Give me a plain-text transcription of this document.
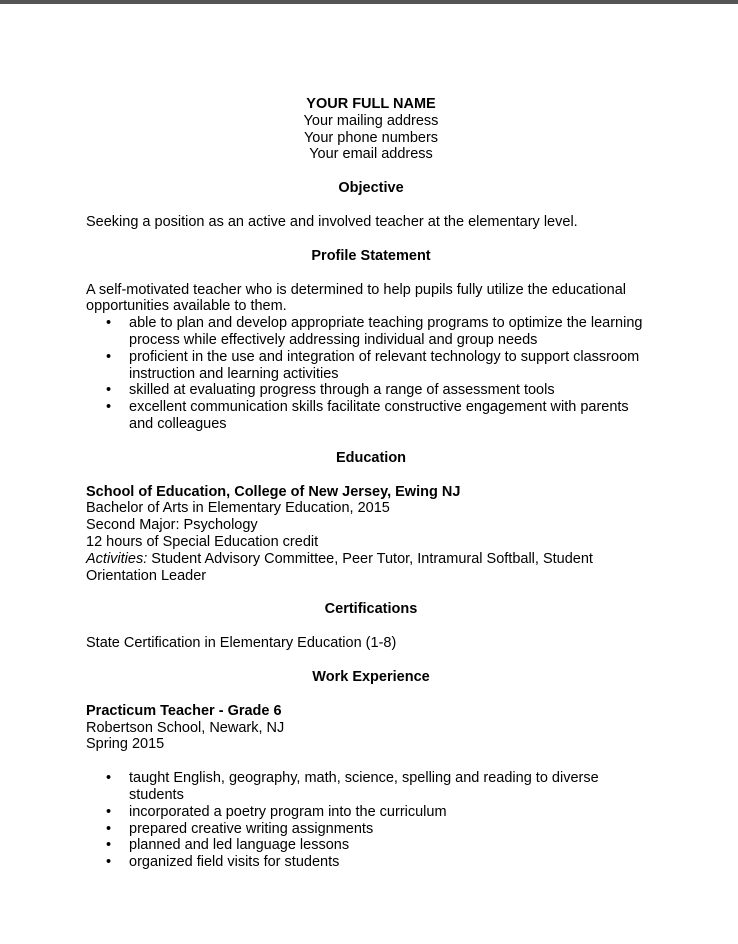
YOUR FULL NAME
Your mailing address
Your phone numbers
Your email address
Objective

Seeking a position as an active and involved teacher at the elementary level.

Profile Statement

A self-motivated teacher who is determined to help pupils fully utilize the educational opportunities available to them.

• able to plan and develop appropriate teaching programs to optimize the learning process while effectively addressing individual and group needs
• proficient in the use and integration of relevant technology to support classroom instruction and learning activities
• skilled at evaluating progress through a range of assessment tools
• excellent communication skills facilitate constructive engagement with parents and colleagues
Education

School of Education, College of New Jersey, Ewing NJ

Bachelor of Arts in Elementary Education, 2015

Second Major: Psychology

12 hours of Special Education credit

Activities: Student Advisory Committee, Peer Tutor, Intramural Softball, Student Orientation Leader

Certifications

State Certification in Elementary Education (1-8)

Work Experience

Practicum Teacher - Grade 6

Robertson School, Newark, NJ

Spring 2015

• taught English, geography, math, science, spelling and reading to diverse students
• incorporated a poetry program into the curriculum
• prepared creative writing assignments
• planned and led language lessons
• organized field visits for students
